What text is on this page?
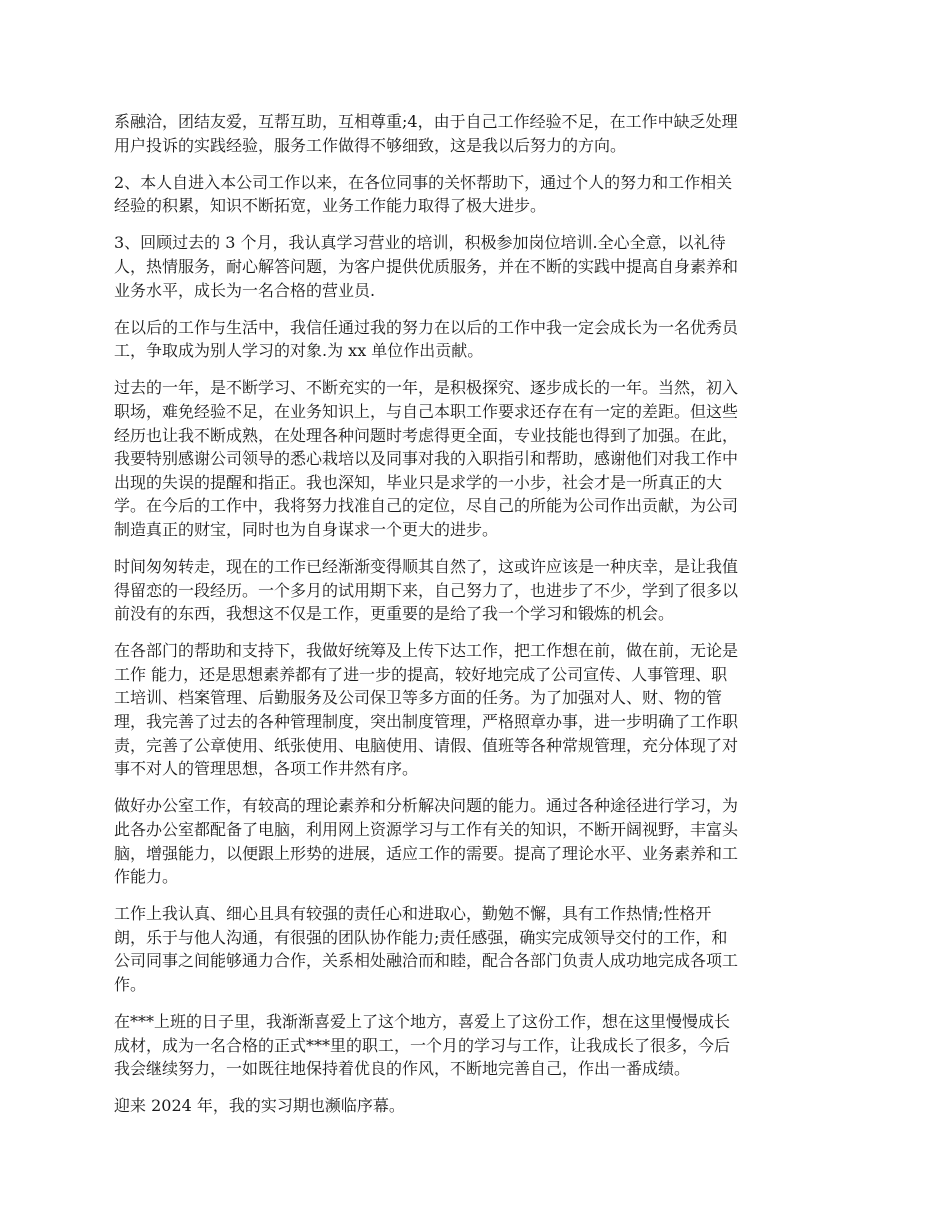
系融洽，团结友爱，互帮互助，互相尊重;4，由于自己工作经验不足，在工作中缺乏处理
用户投诉的实践经验，服务工作做得不够细致，这是我以后努力的方向。

2、本人自进入本公司工作以来，在各位同事的关怀帮助下，通过个人的努力和工作相关
经验的积累，知识不断拓宽，业务工作能力取得了极大进步。

3、回顾过去的 3 个月，我认真学习营业的培训，积极参加岗位培训.全心全意，以礼待
人，热情服务，耐心解答问题，为客户提供优质服务，并在不断的实践中提高自身素养和
业务水平，成长为一名合格的营业员.

在以后的工作与生活中，我信任通过我的努力在以后的工作中我一定会成长为一名优秀员
工，争取成为别人学习的对象.为 xx 单位作出贡献。

过去的一年，是不断学习、不断充实的一年，是积极探究、逐步成长的一年。当然，初入
职场，难免经验不足，在业务知识上，与自己本职工作要求还存在有一定的差距。但这些
经历也让我不断成熟，在处理各种问题时考虑得更全面，专业技能也得到了加强。在此，
我要特别感谢公司领导的悉心栽培以及同事对我的入职指引和帮助，感谢他们对我工作中
出现的失误的提醒和指正。我也深知，毕业只是求学的一小步，社会才是一所真正的大
学。在今后的工作中，我将努力找准自己的定位，尽自己的所能为公司作出贡献，为公司
制造真正的财宝，同时也为自身谋求一个更大的进步。

时间匆匆转走，现在的工作已经渐渐变得顺其自然了，这或许应该是一种庆幸，是让我值
得留恋的一段经历。一个多月的试用期下来，自己努力了，也进步了不少，学到了很多以
前没有的东西，我想这不仅是工作，更重要的是给了我一个学习和锻炼的机会。

在各部门的帮助和支持下，我做好统筹及上传下达工作，把工作想在前，做在前，无论是
工作 能力，还是思想素养都有了进一步的提高，较好地完成了公司宣传、人事管理、职
工培训、档案管理、后勤服务及公司保卫等多方面的任务。为了加强对人、财、物的管
理，我完善了过去的各种管理制度，突出制度管理，严格照章办事，进一步明确了工作职
责，完善了公章使用、纸张使用、电脑使用、请假、值班等各种常规管理，充分体现了对
事不对人的管理思想，各项工作井然有序。

做好办公室工作，有较高的理论素养和分析解决问题的能力。通过各种途径进行学习，为
此各办公室都配备了电脑，利用网上资源学习与工作有关的知识，不断开阔视野，丰富头
脑，增强能力，以便跟上形势的进展，适应工作的需要。提高了理论水平、业务素养和工
作能力。

工作上我认真、细心且具有较强的责任心和进取心，勤勉不懈，具有工作热情;性格开
朗，乐于与他人沟通，有很强的团队协作能力;责任感强，确实完成领导交付的工作，和
公司同事之间能够通力合作，关系相处融洽而和睦，配合各部门负责人成功地完成各项工
作。

在***上班的日子里，我渐渐喜爱上了这个地方，喜爱上了这份工作，想在这里慢慢成长
成材，成为一名合格的正式***里的职工，一个月的学习与工作，让我成长了很多，今后
我会继续努力，一如既往地保持着优良的作风，不断地完善自己，作出一番成绩。

迎来 2024 年，我的实习期也濒临序幕。
